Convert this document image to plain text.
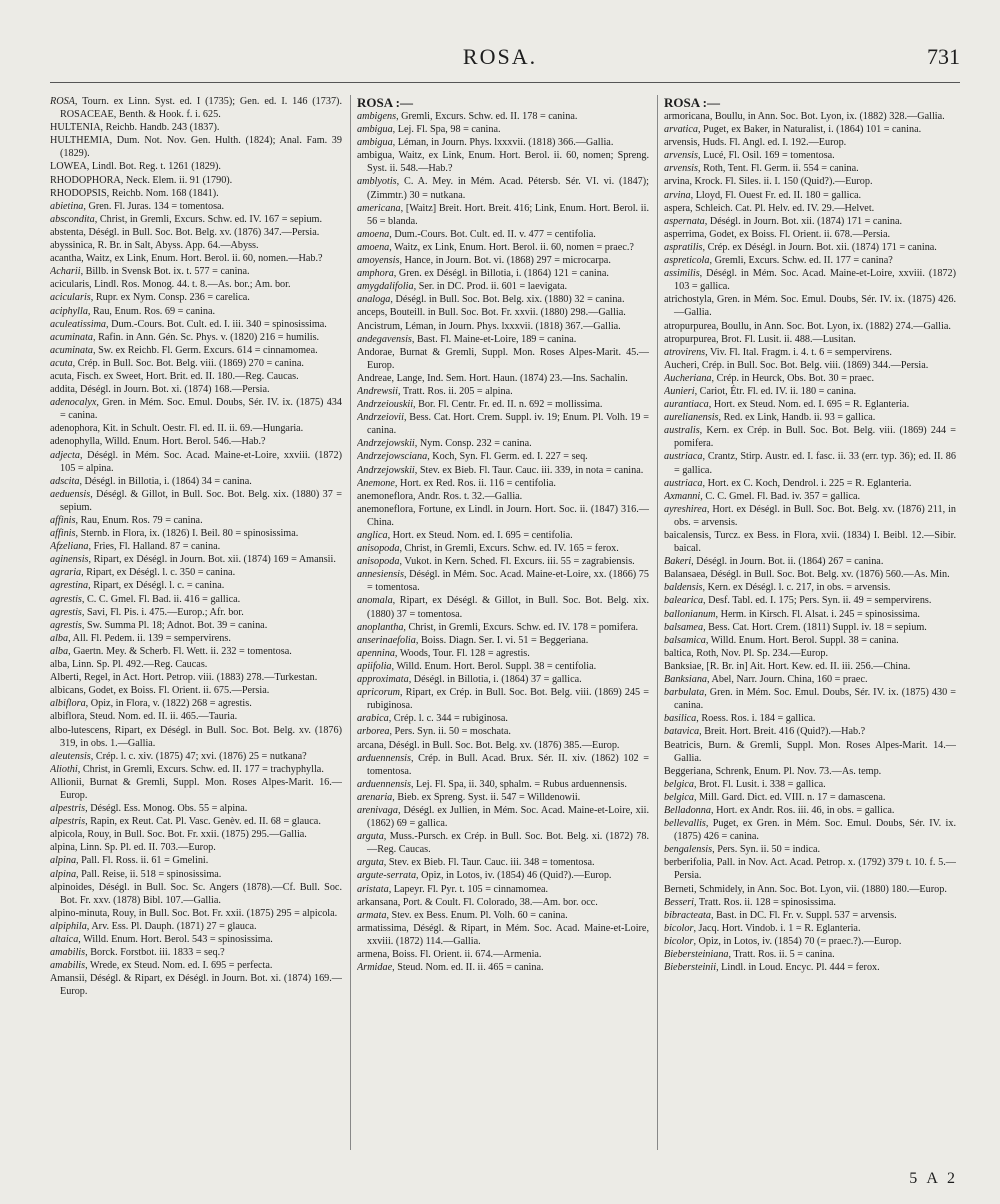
ROSA.	731
ROSA, Tourn. ex Linn. Syst. ed. I (1735); Gen. ed. I. 146 (1737). ROSACEAE, Benth. & Hook. f. i. 625.
HULTENIA, Reichb. Handb. 243 (1837).
HULTHEMIA, Dum. Not. Nov. Gen. Hulth. (1824); Anal. Fam. 39 (1829).
LOWEA, Lindl. Bot. Reg. t. 1261 (1829).
RHODOPHORA, Neck. Elem. ii. 91 (1790).
RHODOPSIS, Reichb. Nom. 168 (1841).
abietina, Gren. Fl. Juras. 134 = tomentosa.
abscondita, Christ, in Gremli, Excurs. Schw. ed. IV. 167 = sepium.
abstenta, Déségl. in Bull. Soc. Bot. Belg. xv. (1876) 347.—Persia.
abyssinica, R. Br. in Salt, Abyss. App. 64.—Abyss.
acantha, Waitz, ex Link, Enum. Hort. Berol. ii. 60, nomen.—Hab.?
Acharii, Billb. in Svensk Bot. ix. t. 577 = canina.
acicularis, Lindl. Ros. Monog. 44. t. 8.—As. bor.; Am. bor.
acicularis, Rupr. ex Nym. Consp. 236 = carelica.
aciphylla, Rau, Enum. Ros. 69 = canina.
aculeatissima, Dum.-Cours. Bot. Cult. ed. I. iii. 340 = spinosissima.
acuminata, Rafin. in Ann. Gén. Sc. Phys. v. (1820) 216 = humilis.
acuminata, Sw. ex Reichb. Fl. Germ. Excurs. 614 = cinnamomea.
acuta, Crép. in Bull. Soc. Bot. Belg. viii. (1869) 270 = canina.
acuta, Fisch. ex Sweet, Hort. Brit. ed. II. 180.—Reg. Caucas.
addita, Déségl. in Journ. Bot. xi. (1874) 168.—Persia.
adenocalyx, Gren. in Mém. Soc. Emul. Doubs, Sér. IV. ix. (1875) 434 = canina.
adenophora, Kit. in Schult. Oestr. Fl. ed. II. ii. 69.—Hungaria.
adenophylla, Willd. Enum. Hort. Berol. 546.—Hab.?
adjecta, Déségl. in Mém. Soc. Acad. Maine-et-Loire, xxviii. (1872) 105 = alpina.
adscita, Déségl. in Billotia, i. (1864) 34 = canina.
aeduensis, Déségl. & Gillot, in Bull. Soc. Bot. Belg. xix. (1880) 37 = sepium.
affinis, Rau, Enum. Ros. 79 = canina.
affinis, Sternb. in Flora, ix. (1826) I. Beil. 80 = spinosissima.
Afzeliana, Fries, Fl. Halland. 87 = canina.
aginensis, Ripart, ex Déségl. in Journ. Bot. xii. (1874) 169 = Amansii.
agraria, Ripart, ex Déségl. l. c. 350 = canina.
agrestina, Ripart, ex Déségl. l. c. = canina.
agrestis, C. C. Gmel. Fl. Bad. ii. 416 = gallica.
agrestis, Savi, Fl. Pis. i. 475.—Europ.; Afr. bor.
agrestis, Sw. Summa Pl. 18; Adnot. Bot. 39 = canina.
alba, All. Fl. Pedem. ii. 139 = sempervirens.
alba, Gaertn. Mey. & Scherb. Fl. Wett. ii. 232 = tomentosa.
alba, Linn. Sp. Pl. 492.—Reg. Caucas.
Alberti, Regel, in Act. Hort. Petrop. viii. (1883) 278.—Turkestan.
albicans, Godet, ex Boiss. Fl. Orient. ii. 675.—Persia.
albiflora, Opiz, in Flora, v. (1822) 268 = agrestis.
albiflora, Steud. Nom. ed. II. ii. 465.—Tauria.
albo-lutescens, Ripart, ex Déségl. in Bull. Soc. Bot. Belg. xv. (1876) 319, in obs. 1.—Gallia.
aleutensis, Crép. l. c. xiv. (1875) 47; xvi. (1876) 25 = nutkana?
Aliothi, Christ, in Gremli, Excurs. Schw. ed. II. 177 = trachyphylla.
Allionii, Burnat & Gremli, Suppl. Mon. Roses Alpes-Marit. 16.—Europ.
alpestris, Déségl. Ess. Monog. Obs. 55 = alpina.
alpestris, Rapin, ex Reut. Cat. Pl. Vasc. Genèv. ed. II. 68 = glauca.
alpicola, Rouy, in Bull. Soc. Bot. Fr. xxii. (1875) 295.—Gallia.
alpina, Linn. Sp. Pl. ed. II. 703.—Europ.
alpina, Pall. Fl. Ross. ii. 61 = Gmelini.
alpina, Pall. Reise, ii. 518 = spinosissima.
alpinoides, Déségl. in Bull. Soc. Sc. Angers (1878).—Cf. Bull. Soc. Bot. Fr. xxv. (1878) Bibl. 107.—Gallia.
alpino-minuta, Rouy, in Bull. Soc. Bot. Fr. xxii. (1875) 295 = alpicola.
alpiphila, Arv. Ess. Pl. Dauph. (1871) 27 = glauca.
altaica, Willd. Enum. Hort. Berol. 543 = spinosissima.
amabilis, Borck. Forstbot. iii. 1833 = seq.?
amabilis, Wrede, ex Steud. Nom. ed. I. 695 = perfecta.
Amansii, Déségl. & Ripart, ex Déségl. in Journ. Bot. xi. (1874) 169.—Europ.
ROSA :—
ambigens, Gremli, Excurs. Schw. ed. II. 178 = canina.
ambigua, Lej. Fl. Spa, 98 = canina.
ambigua, Léman, in Journ. Phys. lxxxvii. (1818) 366.—Gallia.
ambigua, Waitz, ex Link, Enum. Hort. Berol. ii. 60, nomen; Spreng. Syst. ii. 548.—Hab.?
amblyotis, C. A. Mey. in Mém. Acad. Pétersb. Sér. VI. vi. (1847); (Zimmtr.) 30 = nutkana.
americana, [Waitz] Breit. Hort. Breit. 416; Link, Enum. Hort. Berol. ii. 56 = blanda.
amoena, Dum.-Cours. Bot. Cult. ed. II. v. 477 = centifolia.
amoena, Waitz, ex Link, Enum. Hort. Berol. ii. 60, nomen = praec.?
amoyensis, Hance, in Journ. Bot. vi. (1868) 297 = microcarpa.
amphora, Gren. ex Déségl. in Billotia, i. (1864) 121 = canina.
amygdalifolia, Ser. in DC. Prod. ii. 601 = laevigata.
analoga, Déségl. in Bull. Soc. Bot. Belg. xix. (1880) 32 = canina.
anceps, Bouteill. in Bull. Soc. Bot. Fr. xxvii. (1880) 298.—Gallia.
Ancistrum, Léman, in Journ. Phys. lxxxvii. (1818) 367.—Gallia.
andegavensis, Bast. Fl. Maine-et-Loire, 189 = canina.
Andorae, Burnat & Gremli, Suppl. Mon. Roses Alpes-Marit. 45.—Europ.
Andreae, Lange, Ind. Sem. Hort. Haun. (1874) 23.—Ins. Sachalin.
Andrewsii, Tratt. Ros. ii. 205 = alpina.
Andrzeiouskii, Bor. Fl. Centr. Fr. ed. II. n. 692 = mollissima.
Andrzeiovii, Bess. Cat. Hort. Crem. Suppl. iv. 19; Enum. Pl. Volh. 19 = canina.
Andrzejowskii, Nym. Consp. 232 = canina.
Andrzejowsciana, Koch, Syn. Fl. Germ. ed. I. 227 = seq.
Andrzejowskii, Stev. ex Bieb. Fl. Taur. Cauc. iii. 339, in nota = canina.
Anemone, Hort. ex Red. Ros. ii. 116 = centifolia.
anemoneflora, Andr. Ros. t. 32.—Gallia.
anemoneflora, Fortune, ex Lindl. in Journ. Hort. Soc. ii. (1847) 316.—China.
anglica, Hort. ex Steud. Nom. ed. I. 695 = centifolia.
anisopoda, Christ, in Gremli, Excurs. Schw. ed. IV. 165 = ferox.
anisopoda, Vukot. in Kern. Sched. Fl. Excurs. iii. 55 = zagrabiensis.
annesiensis, Déségl. in Mém. Soc. Acad. Maine-et-Loire, xx. (1866) 75 = tomentosa.
anomala, Ripart, ex Déségl. & Gillot, in Bull. Soc. Bot. Belg. xix. (1880) 37 = tomentosa.
anoplantha, Christ, in Gremli, Excurs. Schw. ed. IV. 178 = pomifera.
anserinaefolia, Boiss. Diagn. Ser. I. vi. 51 = Beggeriana.
apennina, Woods, Tour. Fl. 128 = agrestis.
apiifolia, Willd. Enum. Hort. Berol. Suppl. 38 = centifolia.
approximata, Déségl. in Billotia, i. (1864) 37 = gallica.
apricorum, Ripart, ex Crép. in Bull. Soc. Bot. Belg. viii. (1869) 245 = rubiginosa.
arabica, Crép. l. c. 344 = rubiginosa.
arborea, Pers. Syn. ii. 50 = moschata.
arcana, Déségl. in Bull. Soc. Bot. Belg. xv. (1876) 385.—Europ.
arduennensis, Crép. in Bull. Acad. Brux. Sér. II. xiv. (1862) 102 = tomentosa.
arduennensis, Lej. Fl. Spa, ii. 340, sphalm. = Rubus arduennensis.
arenaria, Bieb. ex Spreng. Syst. ii. 547 = Willdenowii.
arenivaga, Déségl. ex Jullien, in Mém. Soc. Acad. Maine-et-Loire, xii. (1862) 69 = gallica.
arguta, Muss.-Pursch. ex Crép. in Bull. Soc. Bot. Belg. xi. (1872) 78.—Reg. Caucas.
arguta, Stev. ex Bieb. Fl. Taur. Cauc. iii. 348 = tomentosa.
argute-serrata, Opiz, in Lotos, iv. (1854) 46 (Quid?).—Europ.
aristata, Lapeyr. Fl. Pyr. t. 105 = cinnamomea.
arkansana, Port. & Coult. Fl. Colorado, 38.—Am. bor. occ.
armata, Stev. ex Bess. Enum. Pl. Volh. 60 = canina.
armatissima, Déségl. & Ripart, in Mém. Soc. Acad. Maine-et-Loire, xxviii. (1872) 114.—Gallia.
armena, Boiss. Fl. Orient. ii. 674.—Armenia.
Armidae, Steud. Nom. ed. II. ii. 465 = canina.
ROSA :—
armoricana, Boullu, in Ann. Soc. Bot. Lyon, ix. (1882) 328.—Gallia.
arvatica, Puget, ex Baker, in Naturalist, i. (1864) 101 = canina.
arvensis, Huds. Fl. Angl. ed. I. 192.—Europ.
arvensis, Lucé, Fl. Osil. 169 = tomentosa.
arvensis, Roth, Tent. Fl. Germ. ii. 554 = canina.
arvina, Krock. Fl. Siles. ii. I. 150 (Quid?).—Europ.
arvina, Lloyd, Fl. Ouest Fr. ed. II. 180 = gallica.
aspera, Schleich. Cat. Pl. Helv. ed. IV. 29.—Helvet.
aspernata, Déségl. in Journ. Bot. xii. (1874) 171 = canina.
asperrima, Godet, ex Boiss. Fl. Orient. ii. 678.—Persia.
aspratilis, Crép. ex Déségl. in Journ. Bot. xii. (1874) 171 = canina.
aspreticola, Gremli, Excurs. Schw. ed. II. 177 = canina?
assimilis, Déségl. in Mém. Soc. Acad. Maine-et-Loire, xxviii. (1872) 103 = gallica.
atrichostyla, Gren. in Mém. Soc. Emul. Doubs, Sér. IV. ix. (1875) 426.—Gallia.
atropurpurea, Boullu, in Ann. Soc. Bot. Lyon, ix. (1882) 274.—Gallia.
atropurpurea, Brot. Fl. Lusit. ii. 488.—Lusitan.
atrovirens, Viv. Fl. Ital. Fragm. i. 4. t. 6 = sempervirens.
Aucheri, Crép. in Bull. Soc. Bot. Belg. viii. (1869) 344.—Persia.
Aucheriana, Crép. in Heurck, Obs. Bot. 30 = praec.
Aunieri, Cariot, Étr. Fl. ed. IV. ii. 180 = canina.
aurantiaca, Hort. ex Steud. Nom. ed. I. 695 = R. Eglanteria.
aurelianensis, Red. ex Link, Handb. ii. 93 = gallica.
australis, Kern. ex Crép. in Bull. Soc. Bot. Belg. viii. (1869) 244 = pomifera.
austriaca, Crantz, Stirp. Austr. ed. I. fasc. ii. 33 (err. typ. 36); ed. II. 86 = gallica.
austriaca, Hort. ex C. Koch, Dendrol. i. 225 = R. Eglanteria.
Axmanni, C. C. Gmel. Fl. Bad. iv. 357 = gallica.
ayreshirea, Hort. ex Déségl. in Bull. Soc. Bot. Belg. xv. (1876) 211, in obs. = arvensis.
baicalensis, Turcz. ex Bess. in Flora, xvii. (1834) I. Beibl. 12.—Sibir. baical.
Bakeri, Déségl. in Journ. Bot. ii. (1864) 267 = canina.
Balansaea, Déségl. in Bull. Soc. Bot. Belg. xv. (1876) 560.—As. Min.
baldensis, Kern. ex Déségl. l. c. 217, in obs. = arvensis.
balearica, Desf. Tabl. ed. I. 175; Pers. Syn. ii. 49 = sempervirens.
ballonianum, Herm. in Kirsch. Fl. Alsat. i. 245 = spinosissima.
balsamea, Bess. Cat. Hort. Crem. (1811) Suppl. iv. 18 = sepium.
balsamica, Willd. Enum. Hort. Berol. Suppl. 38 = canina.
baltica, Roth, Nov. Pl. Sp. 234.—Europ.
Banksiae, [R. Br. in] Ait. Hort. Kew. ed. II. iii. 256.—China.
Banksiana, Abel, Narr. Journ. China, 160 = praec.
barbulata, Gren. in Mém. Soc. Emul. Doubs, Sér. IV. ix. (1875) 430 = canina.
basilica, Roess. Ros. i. 184 = gallica.
batavica, Breit. Hort. Breit. 416 (Quid?).—Hab.?
Beatricis, Burn. & Gremli, Suppl. Mon. Roses Alpes-Marit. 14.—Gallia.
Beggeriana, Schrenk, Enum. Pl. Nov. 73.—As. temp.
belgica, Brot. Fl. Lusit. i. 338 = gallica.
belgica, Mill. Gard. Dict. ed. VIII. n. 17 = damascena.
Belladonna, Hort. ex Andr. Ros. iii. 46, in obs. = gallica.
bellevallis, Puget, ex Gren. in Mém. Soc. Emul. Doubs, Sér. IV. ix. (1875) 426 = canina.
bengalensis, Pers. Syn. ii. 50 = indica.
berberifolia, Pall. in Nov. Act. Acad. Petrop. x. (1792) 379 t. 10. f. 5.—Persia.
Berneti, Schmidely, in Ann. Soc. Bot. Lyon, vii. (1880) 180.—Europ.
Besseri, Tratt. Ros. ii. 128 = spinosissima.
bibracteata, Bast. in DC. Fl. Fr. v. Suppl. 537 = arvensis.
bicolor, Jacq. Hort. Vindob. i. 1 = R. Eglanteria.
bicolor, Opiz, in Lotos, iv. (1854) 70 (= praec.?).—Europ.
Biebersteiniana, Tratt. Ros. ii. 5 = canina.
Biebersteinii, Lindl. in Loud. Encyc. Pl. 444 = ferox.
5 A 2
